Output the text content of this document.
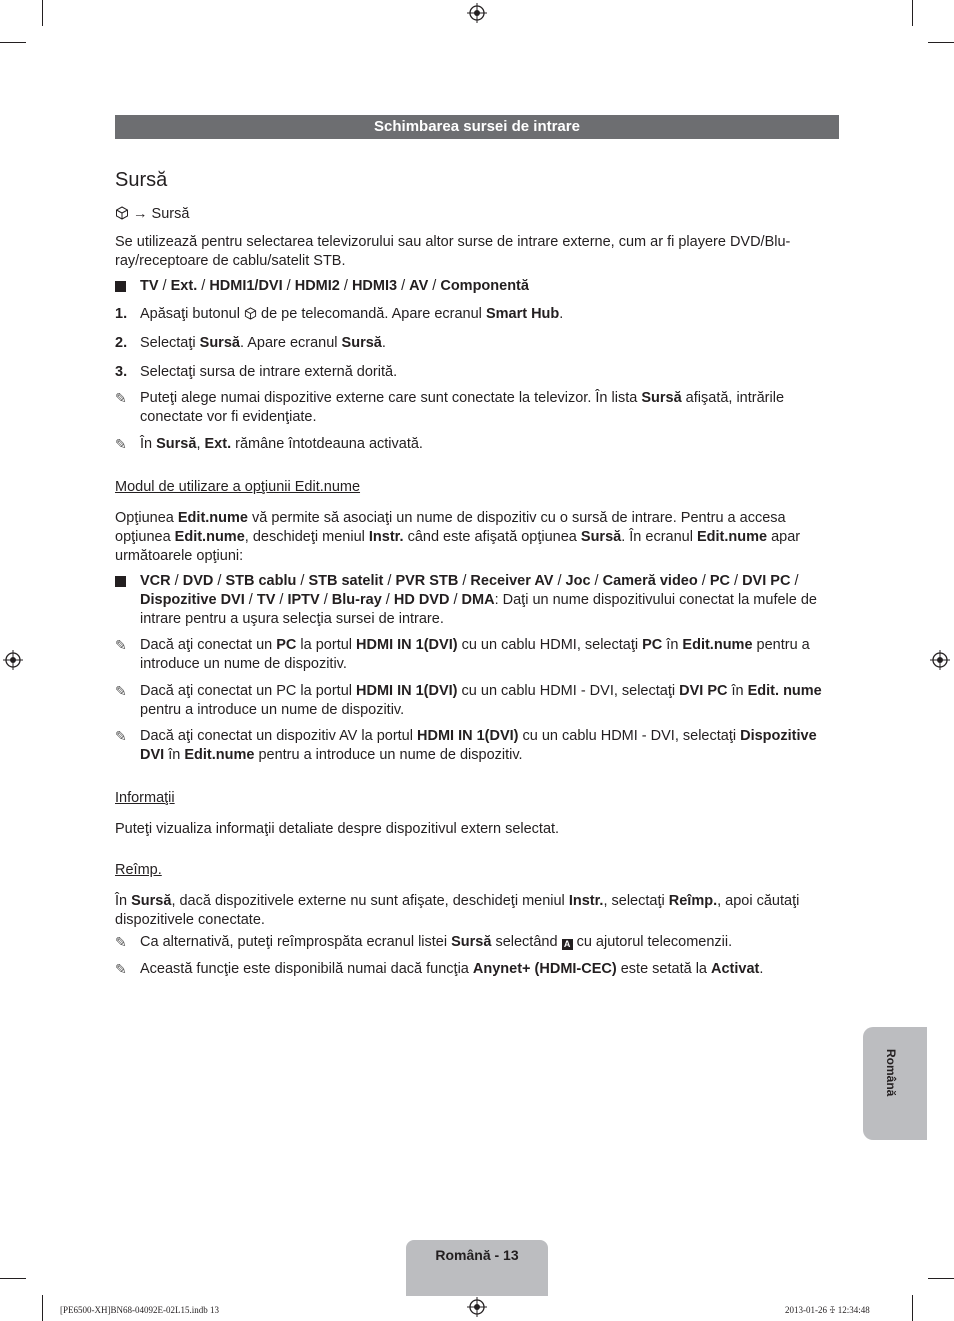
Schimbarea sursei de intrare
Sursă
→ Sursă
Se utilizează pentru selectarea televizorului sau altor surse de intrare externe, cum ar fi playere DVD/Blu-ray/receptoare de cablu/satelit STB.
TV / Ext. / HDMI1/DVI / HDMI2 / HDMI3 / AV / Componentă
1. Apăsaţi butonul  de pe telecomandă. Apare ecranul Smart Hub.
2. Selectaţi Sursă. Apare ecranul Sursă.
3. Selectaţi sursa de intrare externă dorită.
✎ Puteţi alege numai dispozitive externe care sunt conectate la televizor. În lista Sursă afişată, intrările conectate vor fi evidenţiate.
✎ În Sursă, Ext. rămâne întotdeauna activată.
Modul de utilizare a opţiunii Edit.nume
Opţiunea Edit.nume vă permite să asociaţi un nume de dispozitiv cu o sursă de intrare. Pentru a accesa opţiunea Edit.nume, deschideţi meniul Instr. când este afişată opţiunea Sursă. În ecranul Edit.nume apar următoarele opţiuni:
VCR / DVD / STB cablu / STB satelit / PVR STB / Receiver AV / Joc / Cameră video / PC / DVI PC / Dispozitive DVI / TV / IPTV / Blu-ray / HD DVD / DMA: Daţi un nume dispozitivului conectat la mufele de intrare pentru a uşura selecţia sursei de intrare.
✎ Dacă aţi conectat un PC la portul HDMI IN 1(DVI) cu un cablu HDMI, selectaţi PC în Edit.nume pentru a introduce un nume de dispozitiv.
✎ Dacă aţi conectat un PC la portul HDMI IN 1(DVI) cu un cablu HDMI - DVI, selectaţi DVI PC în Edit. nume pentru a introduce un nume de dispozitiv.
✎ Dacă aţi conectat un dispozitiv AV la portul HDMI IN 1(DVI) cu un cablu HDMI - DVI, selectaţi Dispozitive DVI în Edit.nume pentru a introduce un nume de dispozitiv.
Informaţii
Puteţi vizualiza informaţii detaliate despre dispozitivul extern selectat.
Reîmp.
În Sursă, dacă dispozitivele externe nu sunt afişate, deschideţi meniul Instr., selectaţi Reîmp., apoi căutaţi dispozitivele conectate.
✎ Ca alternativă, puteţi reîmprospăta ecranul listei Sursă selectând A cu ajutorul telecomenzii.
✎ Această funcţie este disponibilă numai dacă funcţia Anynet+ (HDMI-CEC) este setată la Activat.
Română
Română - 13
[PE6500-XH]BN68-04092E-02L15.indb 13	2013-01-26 ꔀ 12:34:48
